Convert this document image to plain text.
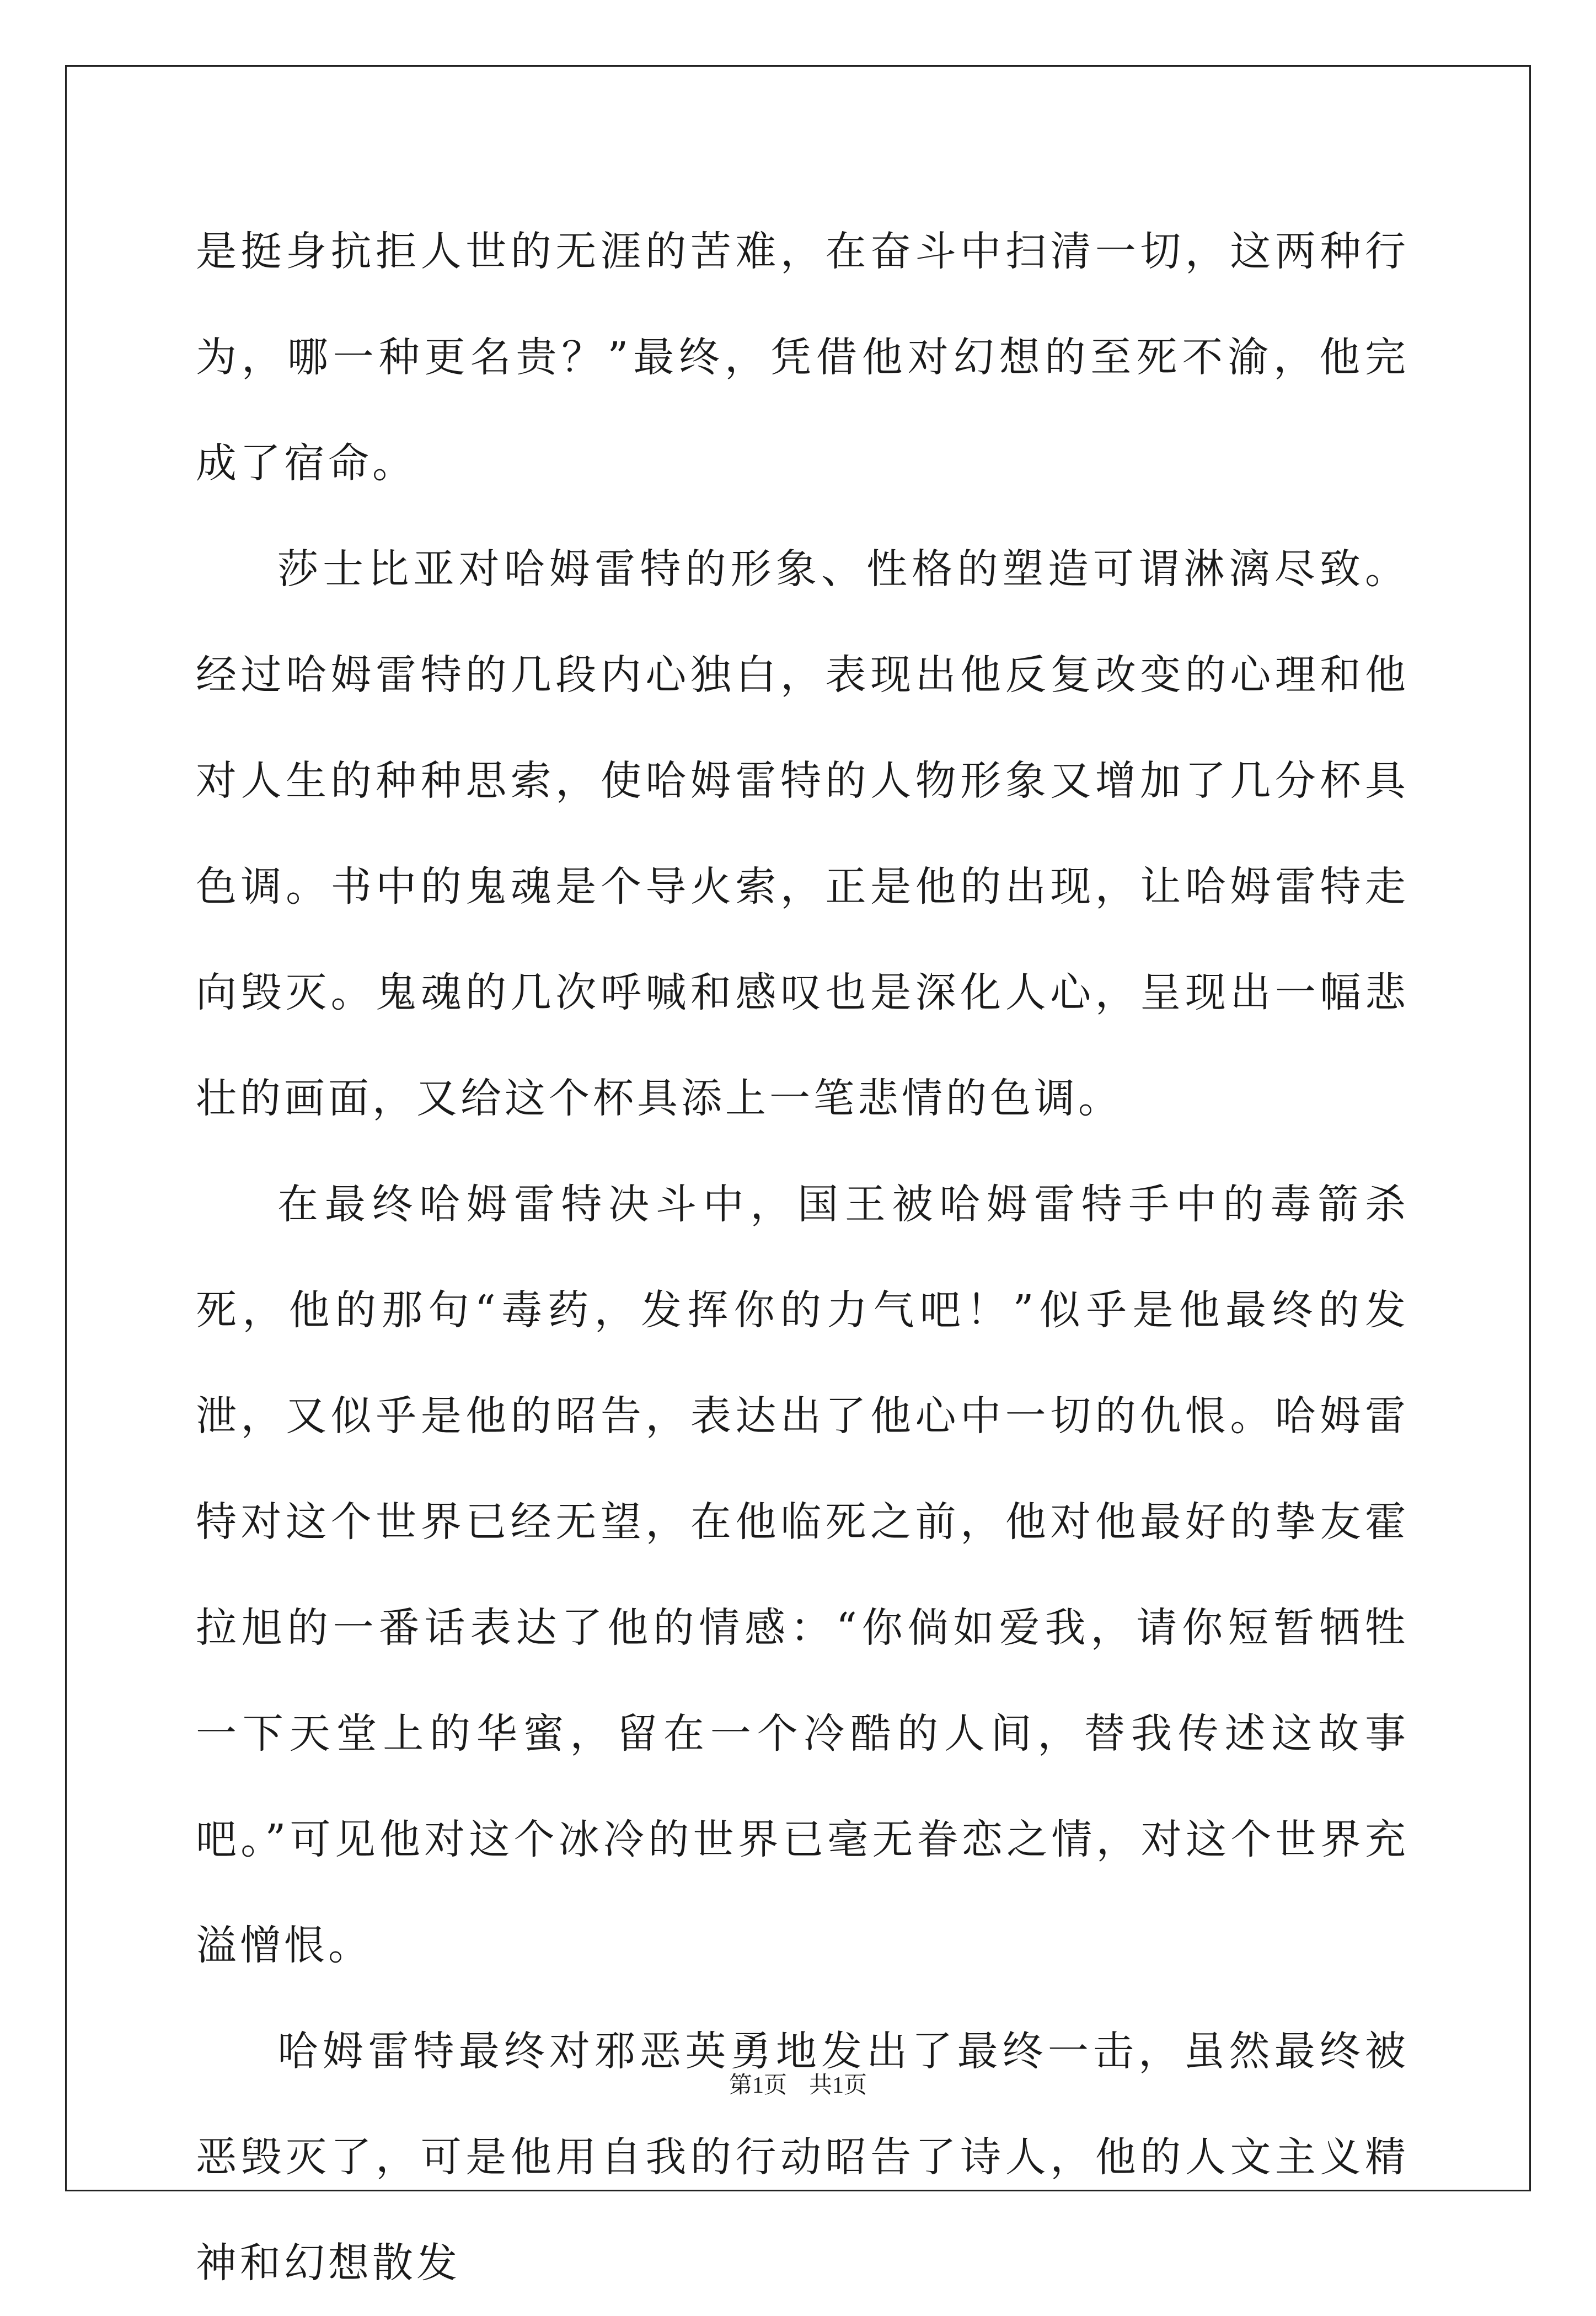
是挺身抗拒人世的无涯的苦难，在奋斗中扫清一切，这两种行为，哪一种更名贵？”最终，凭借他对幻想的至死不渝，他完成了宿命。

莎士比亚对哈姆雷特的形象、性格的塑造可谓淋漓尽致。经过哈姆雷特的几段内心独白，表现出他反复改变的心理和他对人生的种种思索，使哈姆雷特的人物形象又增加了几分杯具色调。书中的鬼魂是个导火索，正是他的出现，让哈姆雷特走向毁灭。鬼魂的几次呼喊和感叹也是深化人心，呈现出一幅悲壮的画面，又给这个杯具添上一笔悲情的色调。

在最终哈姆雷特决斗中，国王被哈姆雷特手中的毒箭杀死，他的那句“毒药，发挥你的力气吧！”似乎是他最终的发泄，又似乎是他的昭告，表达出了他心中一切的仇恨。哈姆雷特对这个世界已经无望，在他临死之前，他对他最好的挚友霍拉旭的一番话表达了他的情感：“你倘如爱我，请你短暂牺牲一下天堂上的华蜜，留在一个冷酷的人间，替我传述这故事吧。”可见他对这个冰冷的世界已毫无眷恋之情，对这个世界充溢憎恨。

哈姆雷特最终对邪恶英勇地发出了最终一击，虽然最终被恶毁灭了，可是他用自我的行动昭告了诗人，他的人文主义精神和幻想散发

第1页 共1页
